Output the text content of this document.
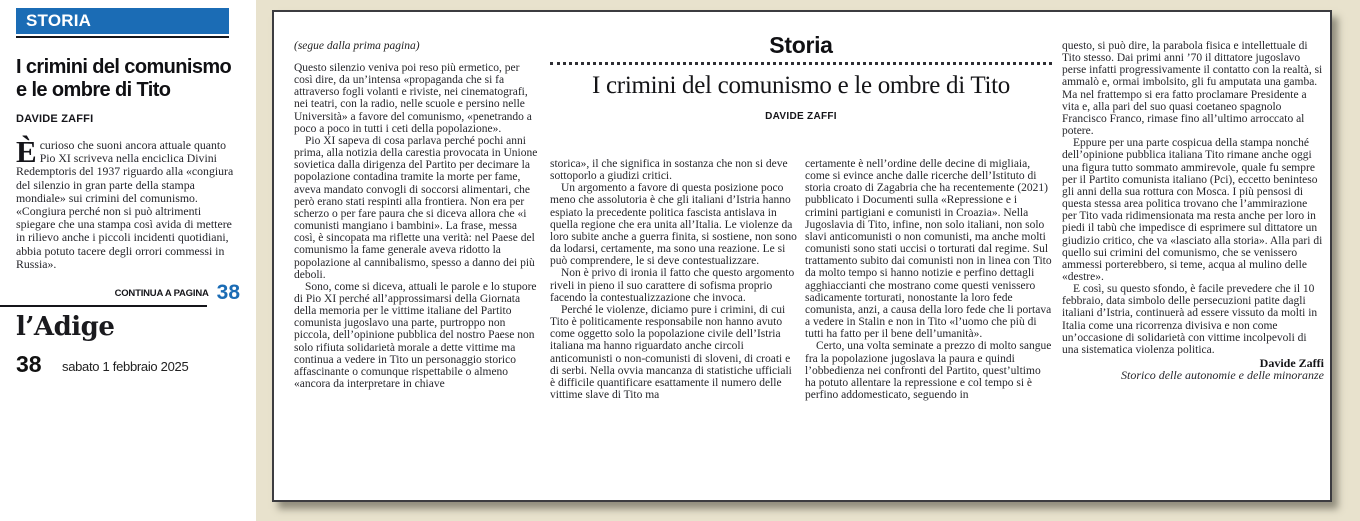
STORIA
I crimini del comunismo
e le ombre di Tito
DAVIDE ZAFFI
Ècurioso che suoni ancora attuale quanto Pio XI scriveva nella enciclica Divini Redemptoris del 1937 riguardo alla «congiura del silenzio in gran parte della stampa mondiale» sui crimini del comunismo. «Congiura perché non si può altrimenti spiegare che una stampa così avida di mettere in rilievo anche i piccoli incidenti quotidiani, abbia potuto tacere degli orrori commessi in Russia».
CONTINUA A PAGINA 38
l’Adige
38 sabato 1 febbraio 2025
(segue dalla prima pagina)	Storia
I crimini del comunismo e le ombre di Tito
DAVIDE ZAFFI

Questo silenzio veniva poi reso più ermetico, per così dire, da un’intensa «propaganda che si fa attraverso fogli volanti e riviste, nei cinematografi, nei teatri, con la radio, nelle scuole e persino nelle Università» a favore del comunismo, «penetrando a poco a poco in tutti i ceti della popolazione».

Pio XI sapeva di cosa parlava perché pochi anni prima, alla notizia della carestia provocata in Unione sovietica dalla dirigenza del Partito per decimare la popolazione contadina tramite la morte per fame, aveva mandato convogli di soccorsi alimentari, che però erano stati respinti alla frontiera. Non era per scherzo o per fare paura che si diceva allora che «i comunisti mangiano i bambini». La frase, messa così, è sincopata ma riflette una verità: nel Paese del comunismo la fame generale aveva ridotto la popolazione al cannibalismo, spesso a danno dei più deboli.

Sono, come si diceva, attuali le parole e lo stupore di Pio XI perché all’approssimarsi della Giornata della memoria per le vittime italiane del Partito comunista jugoslavo una parte, purtroppo non piccola, dell’opinione pubblica del nostro Paese non solo rifiuta solidarietà morale a dette vittime ma continua a vedere in Tito un personaggio storico affascinante o comunque rispettabile o almeno «ancora da interpretare in chiave

storica», il che significa in sostanza che non si deve sottoporlo a giudizi critici.

Un argomento a favore di questa posizione poco meno che assolutoria è che gli italiani d’Istria hanno espiato la precedente politica fascista antislava in quella regione che era unita all’Italia. Le violenze da loro subite anche a guerra finita, si sostiene, non sono da lodarsi, certamente, ma sono una reazione. Le si può comprendere, le si deve contestualizzare.

Non è privo di ironia il fatto che questo argomento riveli in pieno il suo carattere di sofisma proprio facendo la contestualizzazione che invoca.

Perché le violenze, diciamo pure i crimini, di cui Tito è politicamente responsabile non hanno avuto come oggetto solo la popolazione civile dell’Istria italiana ma hanno riguardato anche circoli anticomunisti o non-comunisti di sloveni, di croati e di serbi. Nella ovvia mancanza di statistiche ufficiali è difficile quantificare esattamente il numero delle vittime slave di Tito ma

certamente è nell’ordine delle decine di migliaia, come si evince anche dalle ricerche dell’Istituto di storia croato di Zagabria che ha recentemente (2021) pubblicato i Documenti sulla «Repressione e i crimini partigiani e comunisti in Croazia». Nella Jugoslavia di Tito, infine, non solo italiani, non solo slavi anticomunisti o non comunisti, ma anche molti comunisti sono stati uccisi o torturati dal regime. Sul trattamento subito dai comunisti non in linea con Tito da molto tempo si hanno notizie e perfino dettagli agghiaccianti che mostrano come questi venissero sadicamente torturati, nonostante la loro fede comunista, anzi, a causa della loro fede che li portava a vedere in Stalin e non in Tito «l’uomo che più di tutti ha fatto per il bene dell’umanità».

Certo, una volta seminate a prezzo di molto sangue fra la popolazione jugoslava la paura e quindi l’obbedienza nei confronti del Partito, quest’ultimo ha potuto allentare la repressione e col tempo si è perfino addomesticato, seguendo in

questo, si può dire, la parabola fisica e intellettuale di Tito stesso. Dai primi anni ’70 il dittatore jugoslavo perse infatti progressivamente il contatto con la realtà, si ammalò e, ormai imbolsito, gli fu amputata una gamba. Ma nel frattempo si era fatto proclamare Presidente a vita e, alla pari del suo quasi coetaneo spagnolo Francisco Franco, rimase fino all’ultimo arroccato al potere.

Eppure per una parte cospicua della stampa nonché dell’opinione pubblica italiana Tito rimane anche oggi una figura tutto sommato ammirevole, quale fu sempre per il Partito comunista italiano (Pci), eccetto beninteso gli anni della sua rottura con Mosca. I più pensosi di questa stessa area politica trovano che l’ammirazione per Tito vada ridimensionata ma resta anche per loro in piedi il tabù che impedisce di esprimere sul dittatore un giudizio critico, che va «lasciato alla storia». Alla pari di quello sui crimini del comunismo, che se venissero ammessi porterebbero, si teme, acqua al mulino delle «destre».

E così, su questo sfondo, è facile prevedere che il 10 febbraio, data simbolo delle persecuzioni patite dagli italiani d’Istria, continuerà ad essere vissuto da molti in Italia come una ricorrenza divisiva e non come un’occasione di solidarietà con vittime incolpevoli di una sistematica violenza politica.

Davide Zaffi
Storico delle autonomie e delle minoranze
